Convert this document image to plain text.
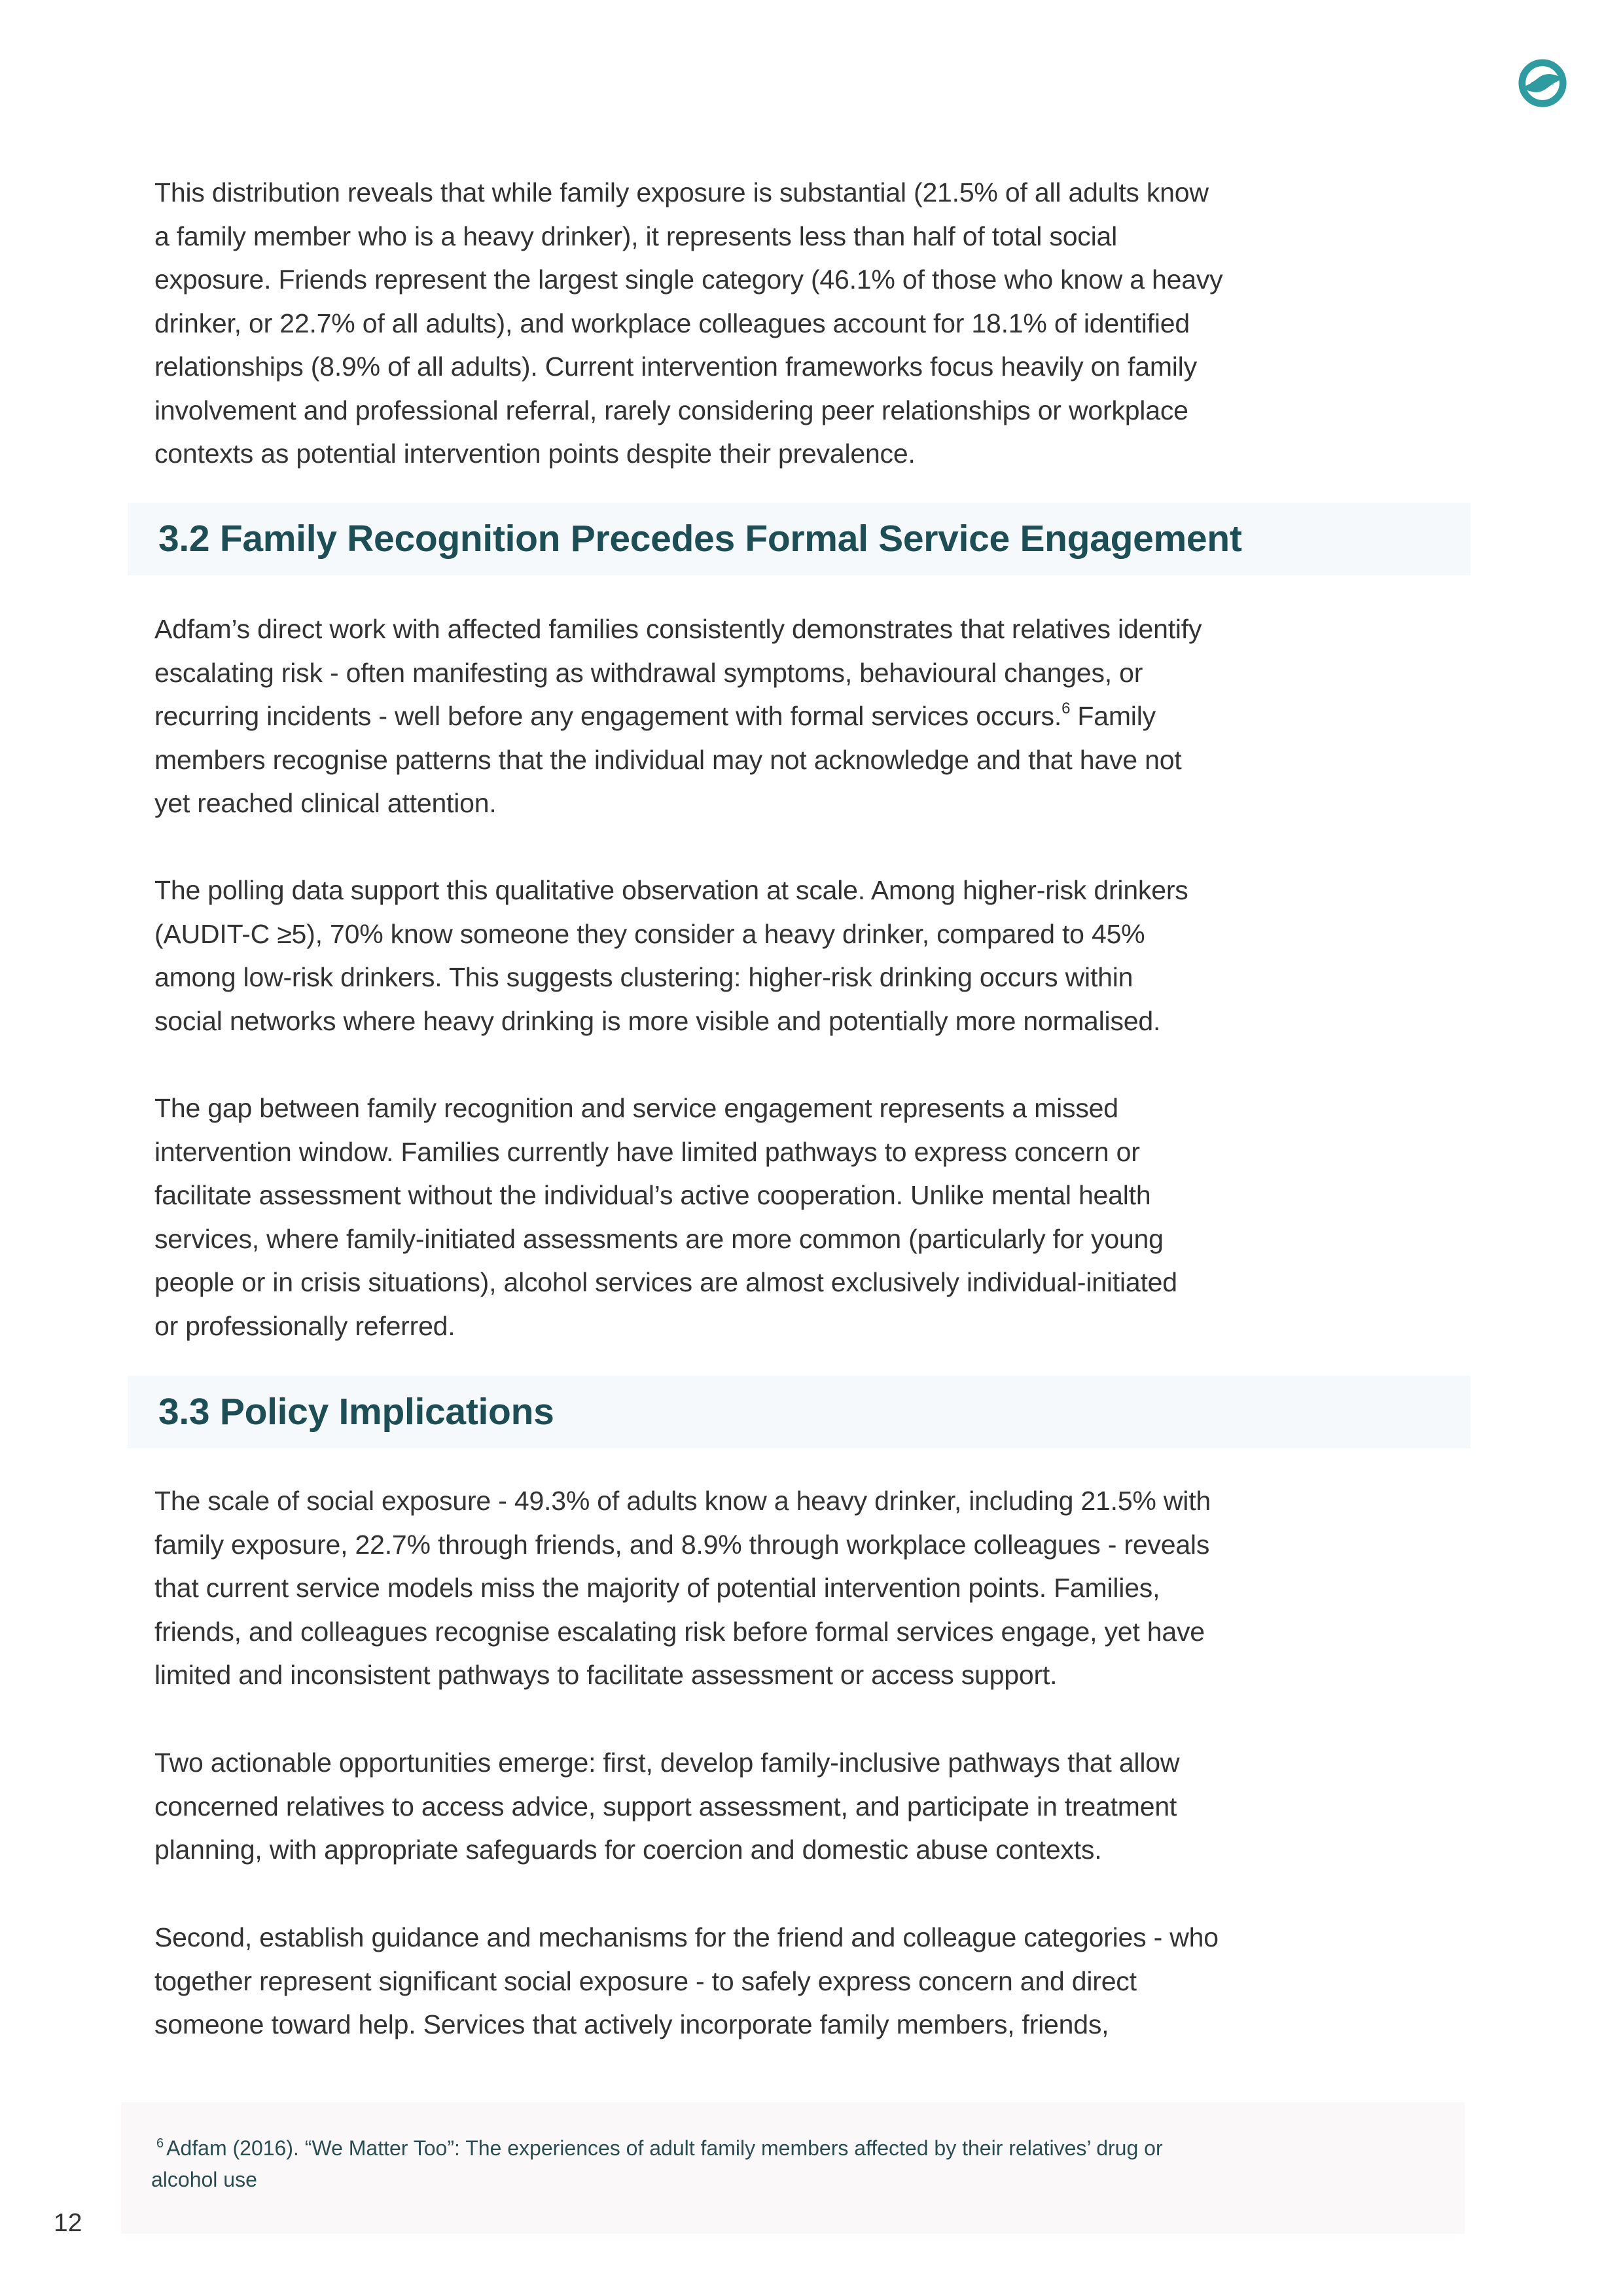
This distribution reveals that while family exposure is substantial (21.5% of all adults know
a family member who is a heavy drinker), it represents less than half of total social
exposure. Friends represent the largest single category (46.1% of those who know a heavy
drinker, or 22.7% of all adults), and workplace colleagues account for 18.1% of identified
relationships (8.9% of all adults). Current intervention frameworks focus heavily on family
involvement and professional referral, rarely considering peer relationships or workplace
contexts as potential intervention points despite their prevalence.

3.2 Family Recognition Precedes Formal Service Engagement

Adfam’s direct work with affected families consistently demonstrates that relatives identify
escalating risk - often manifesting as withdrawal symptoms, behavioural changes, or
recurring incidents - well before any engagement with formal services occurs.$^6$ Family
members recognise patterns that the individual may not acknowledge and that have not
yet reached clinical attention.

The polling data support this qualitative observation at scale. Among higher-risk drinkers
(AUDIT-C ≥5), 70% know someone they consider a heavy drinker, compared to 45%
among low-risk drinkers. This suggests clustering: higher-risk drinking occurs within
social networks where heavy drinking is more visible and potentially more normalised.

The gap between family recognition and service engagement represents a missed
intervention window. Families currently have limited pathways to express concern or
facilitate assessment without the individual’s active cooperation. Unlike mental health
services, where family-initiated assessments are more common (particularly for young
people or in crisis situations), alcohol services are almost exclusively individual-initiated
or professionally referred.

3.3 Policy Implications

The scale of social exposure - 49.3% of adults know a heavy drinker, including 21.5% with
family exposure, 22.7% through friends, and 8.9% through workplace colleagues - reveals
that current service models miss the majority of potential intervention points. Families,
friends, and colleagues recognise escalating risk before formal services engage, yet have
limited and inconsistent pathways to facilitate assessment or access support.

Two actionable opportunities emerge: first, develop family-inclusive pathways that allow
concerned relatives to access advice, support assessment, and participate in treatment
planning, with appropriate safeguards for coercion and domestic abuse contexts.

Second, establish guidance and mechanisms for the friend and colleague categories - who
together represent significant social exposure - to safely express concern and direct
someone toward help. Services that actively incorporate family members, friends,

$^6$ Adfam (2016). “We Matter Too”: The experiences of adult family members affected by their relatives’ drug or
alcohol use

12
